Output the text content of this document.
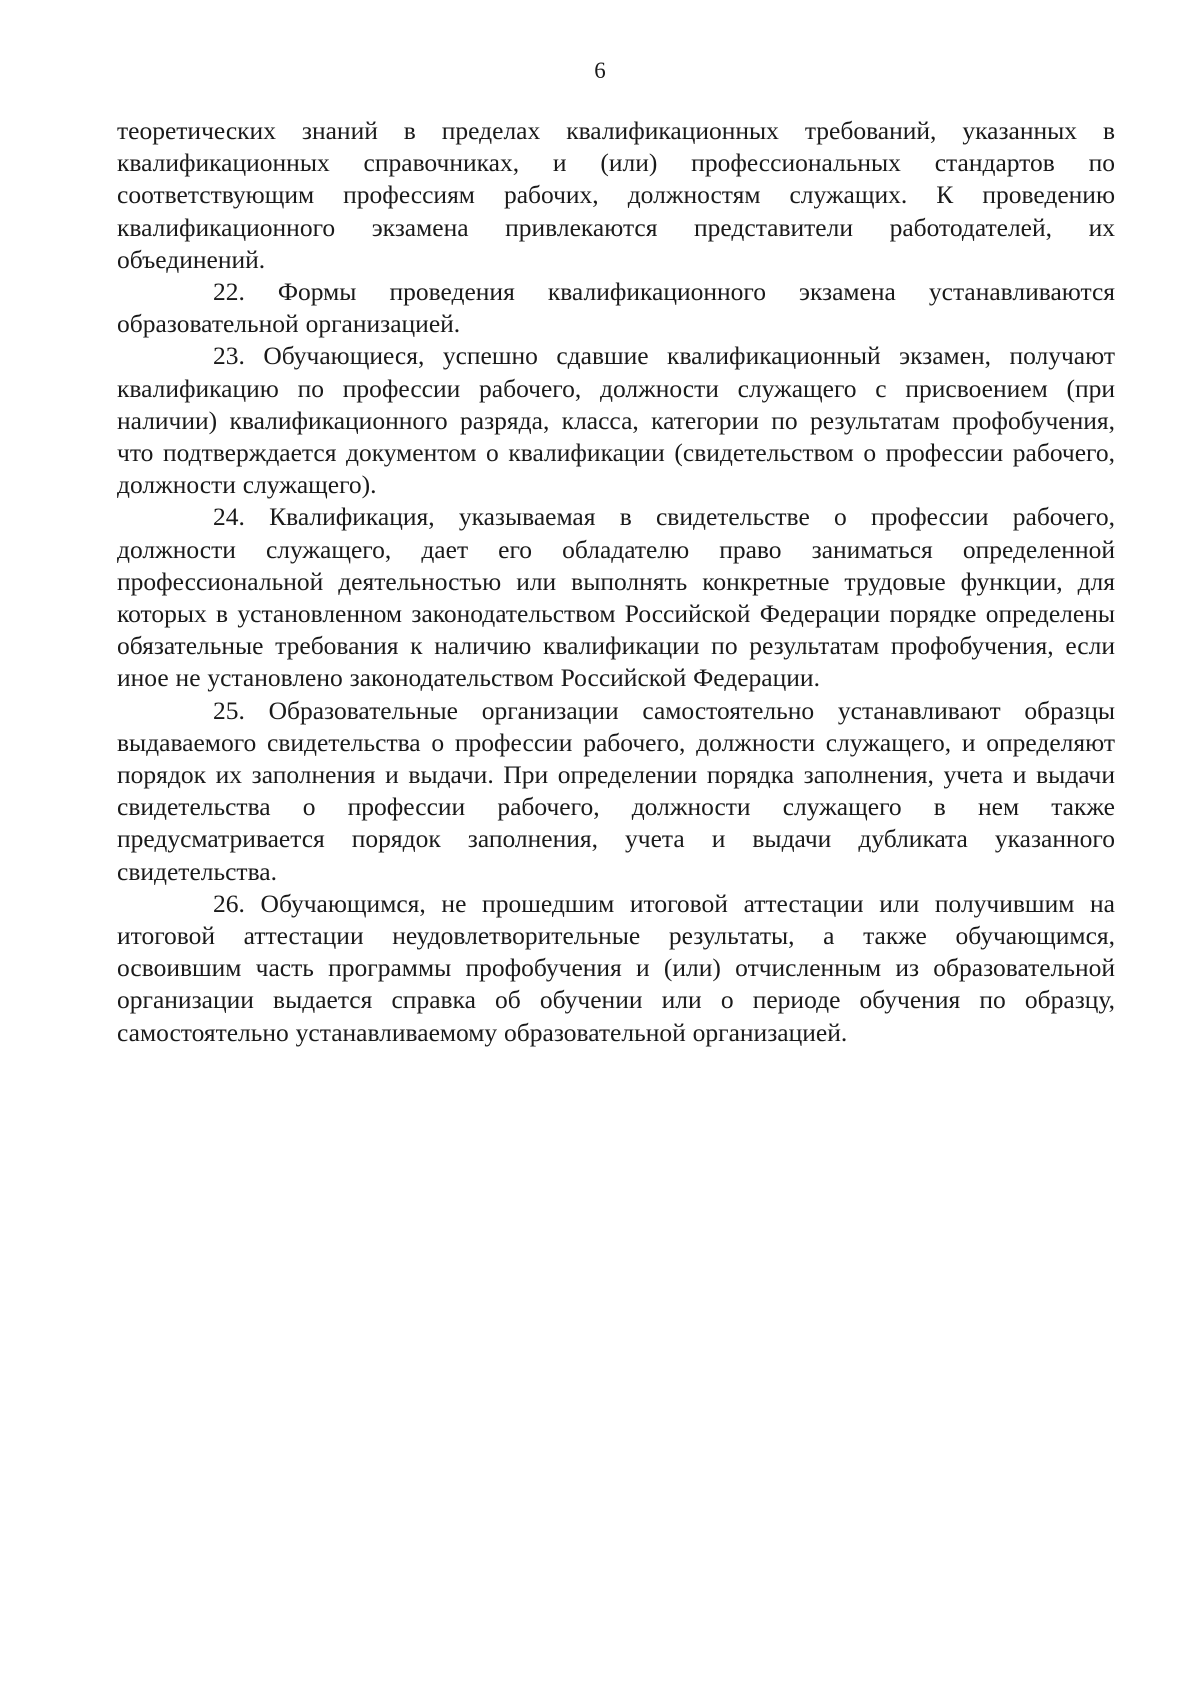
6

теоретических знаний в пределах квалификационных требований, указанных в квалификационных справочниках, и (или) профессиональных стандартов по соответствующим профессиям рабочих, должностям служащих. К проведению квалификационного экзамена привлекаются представители работодателей, их объединений.

22. Формы проведения квалификационного экзамена устанавливаются образовательной организацией.

23. Обучающиеся, успешно сдавшие квалификационный экзамен, получают квалификацию по профессии рабочего, должности служащего с присвоением (при наличии) квалификационного разряда, класса, категории по результатам профобучения, что подтверждается документом о квалификации (свидетельством о профессии рабочего, должности служащего).

24. Квалификация, указываемая в свидетельстве о профессии рабочего, должности служащего, дает его обладателю право заниматься определенной профессиональной деятельностью или выполнять конкретные трудовые функции, для которых в установленном законодательством Российской Федерации порядке определены обязательные требования к наличию квалификации по результатам профобучения, если иное не установлено законодательством Российской Федерации.

25. Образовательные организации самостоятельно устанавливают образцы выдаваемого свидетельства о профессии рабочего, должности служащего, и определяют порядок их заполнения и выдачи. При определении порядка заполнения, учета и выдачи свидетельства о профессии рабочего, должности служащего в нем также предусматривается порядок заполнения, учета и выдачи дубликата указанного свидетельства.

26. Обучающимся, не прошедшим итоговой аттестации или получившим на итоговой аттестации неудовлетворительные результаты, а также обучающимся, освоившим часть программы профобучения и (или) отчисленным из образовательной организации выдается справка об обучении или о периоде обучения по образцу, самостоятельно устанавливаемому образовательной организацией.
